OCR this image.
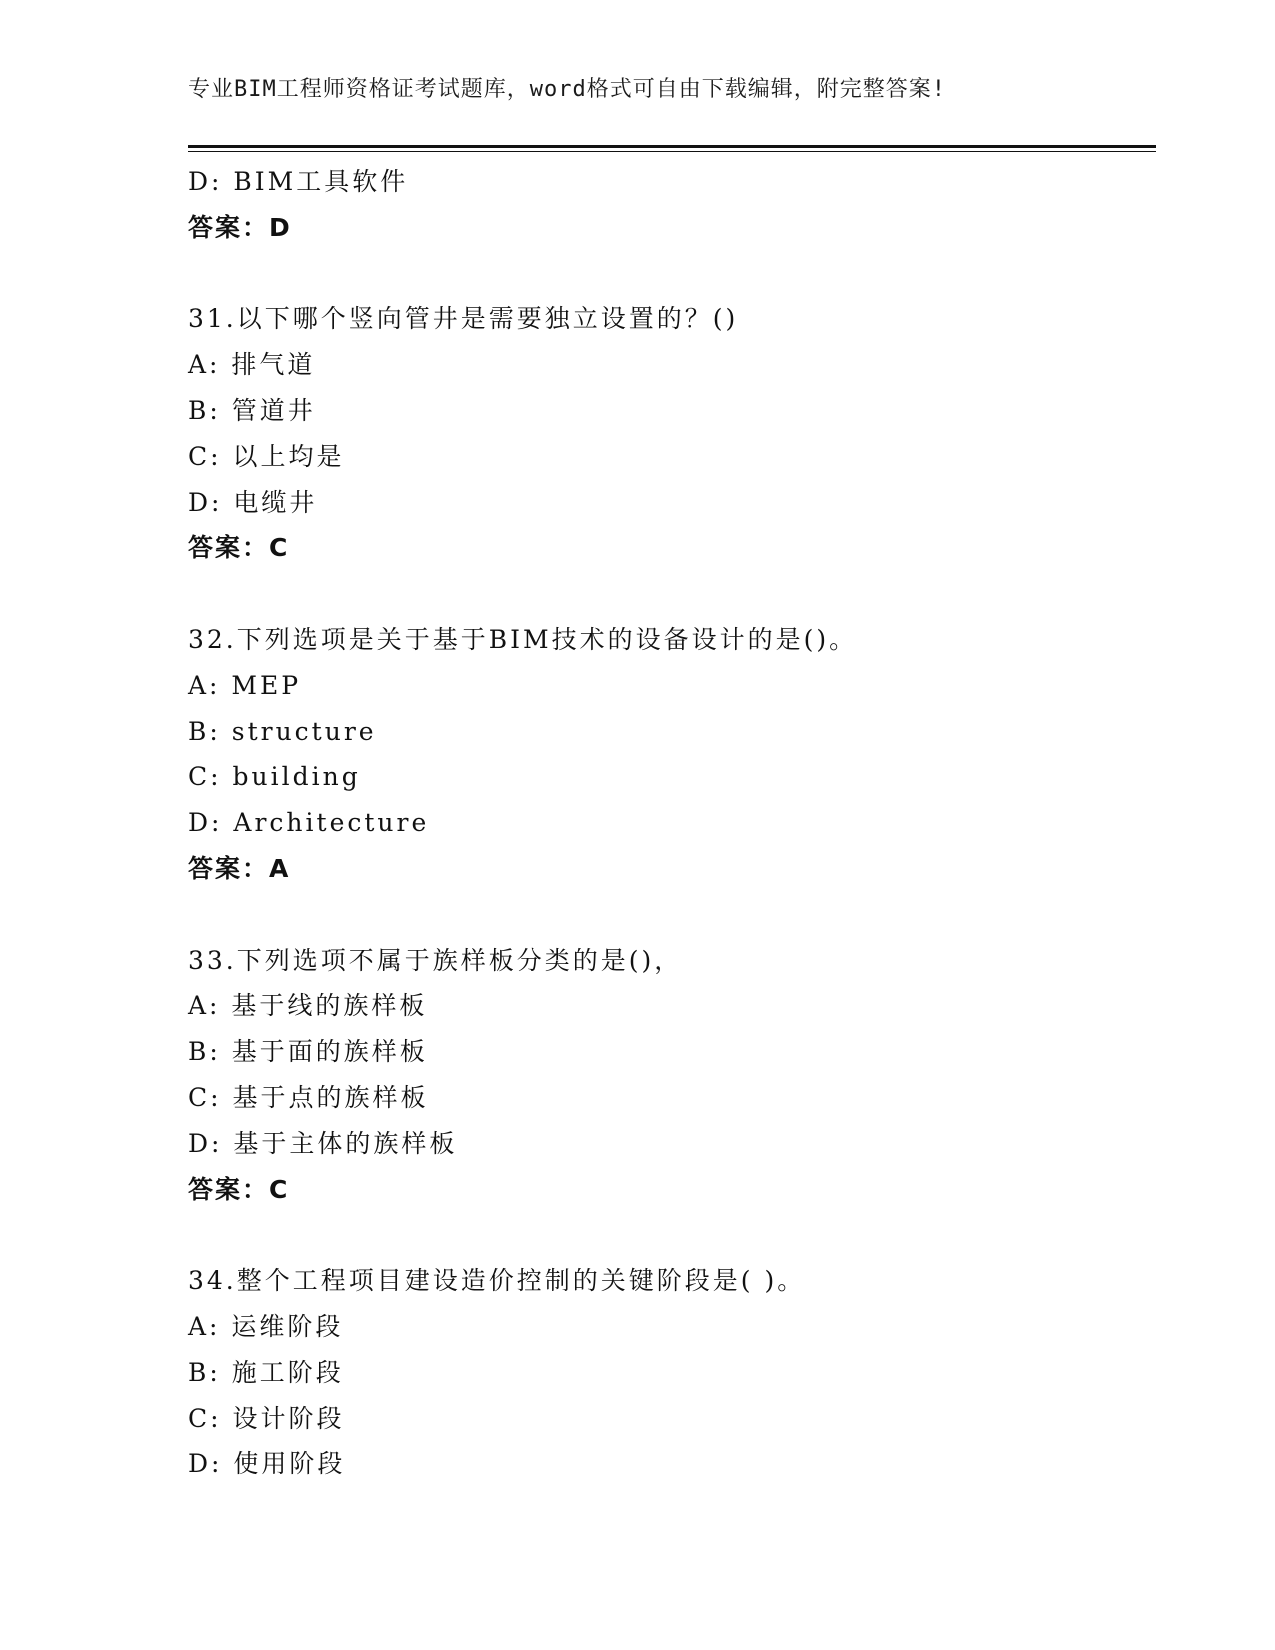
专业BIM工程师资格证考试题库，word格式可自由下载编辑，附完整答案!
D: BIM工具软件
答案：D
31.以下哪个竖向管井是需要独立设置的？()
A: 排气道
B: 管道井
C: 以上均是
D: 电缆井
答案：C
32.下列选项是关于基于BIM技术的设备设计的是()。
A: MEP
B: structure
C: building
D: Architecture
答案：A
33.下列选项不属于族样板分类的是()，
A: 基于线的族样板
B: 基于面的族样板
C: 基于点的族样板
D: 基于主体的族样板
答案：C
34.整个工程项目建设造价控制的关键阶段是( )。
A: 运维阶段
B: 施工阶段
C: 设计阶段
D: 使用阶段
